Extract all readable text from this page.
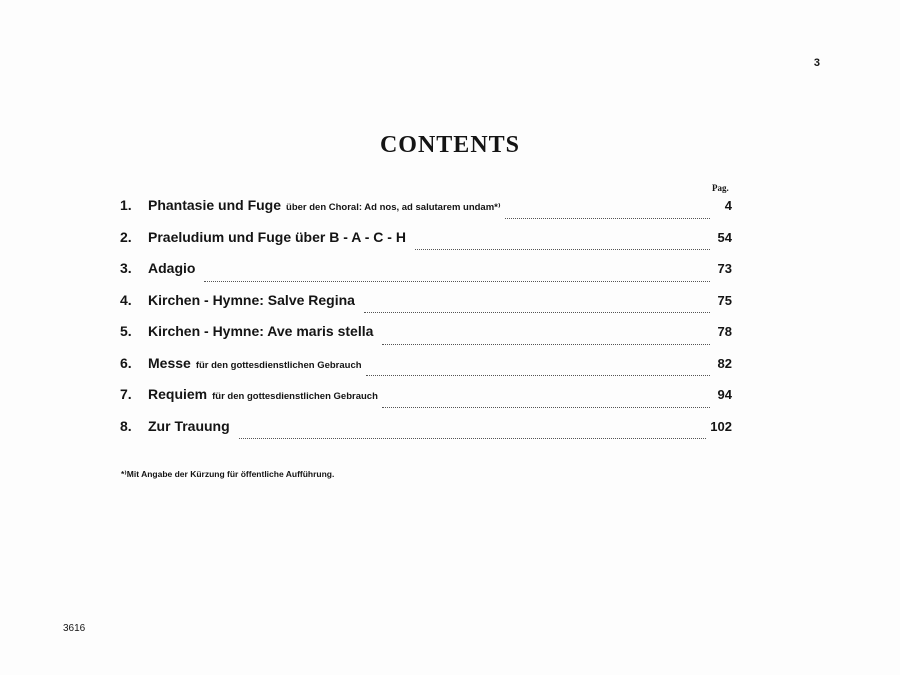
3
CONTENTS
Pag.
1.	Phantasie und Fuge über den Choral: Ad nos, ad salutarem undam*⁾	4
2.	Praeludium und Fuge über B - A - C - H	54
3.	Adagio	73
4.	Kirchen - Hymne: Salve Regina	75
5.	Kirchen - Hymne: Ave maris stella	78
6.	Messe für den gottesdienstlichen Gebrauch	82
7.	Requiem für den gottesdienstlichen Gebrauch	94
8.	Zur Trauung	102
*⁾Mit Angabe der Kürzung für öffentliche Aufführung.
3616
